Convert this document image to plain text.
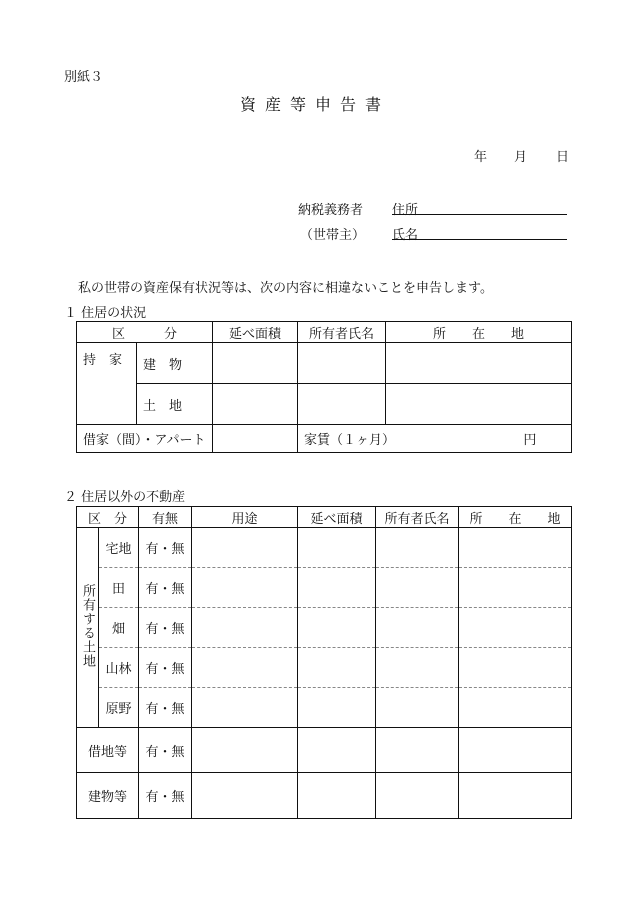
別紙３
資産等申告書
年 月 日
納税義務者 住所
（世帯主） 氏名
私の世帯の資産保有状況等は、次の内容に相違ないことを申告します。
１ 住居の状況
区　　　分		延べ面積	所有者氏名	所　　在　　地
持　家	建　物			
	土　地			
借家（間）・アパート			家賃（１ヶ月） 円	
２ 住居以外の不動産
区　分		有無	用途	延べ面積	所有者氏名	所　　在　　地
所有する土地	宅地	有・無				
	田	有・無				
	畑	有・無				
	山林	有・無				
	原野	有・無				
借地等		有・無				
建物等		有・無				
